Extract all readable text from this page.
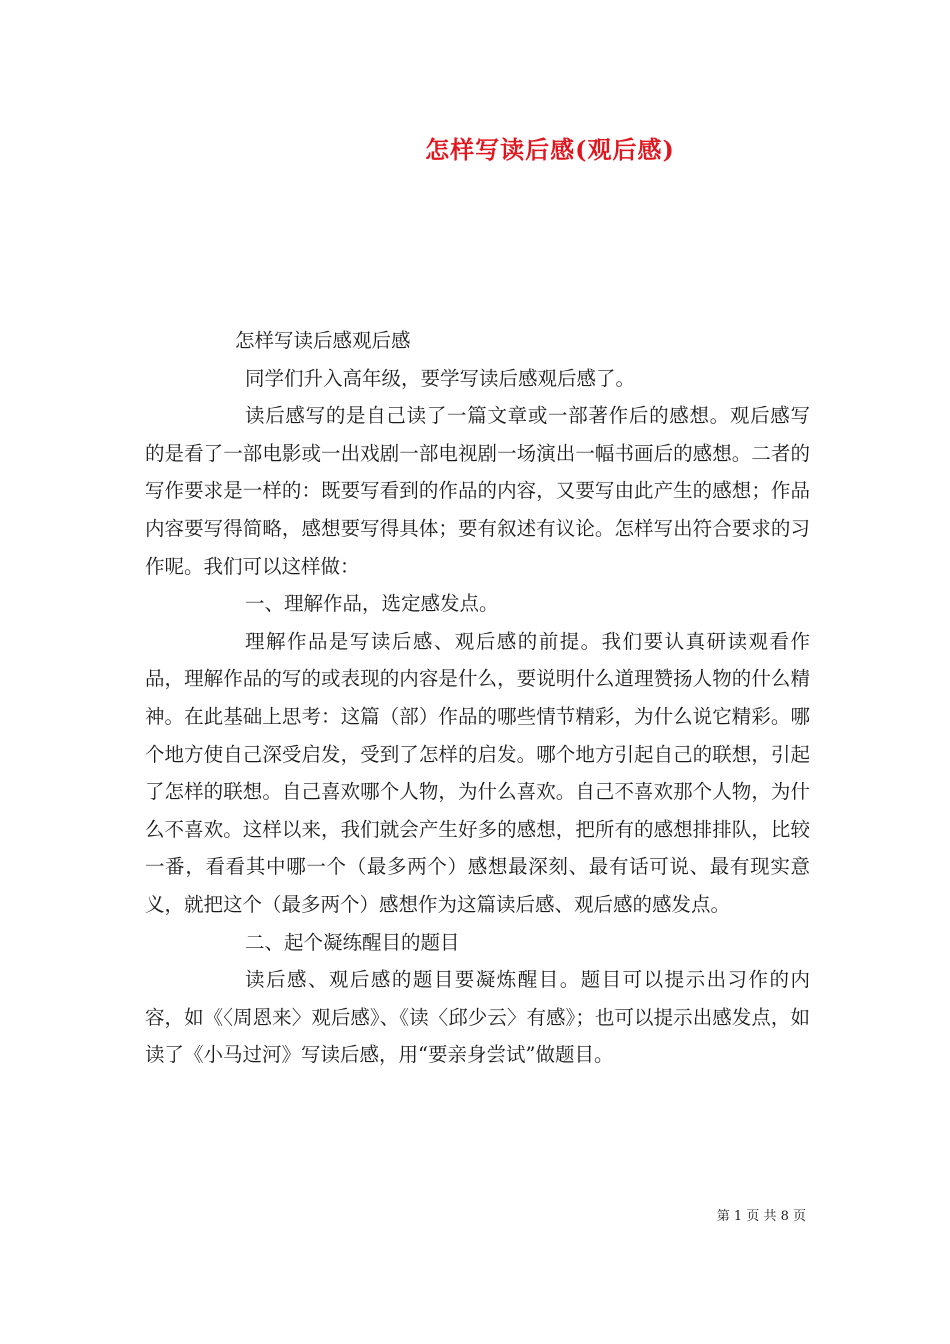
怎样写读后感(观后感)

怎样写读后感观后感

同学们升入高年级，要学写读后感观后感了。

读后感写的是自己读了一篇文章或一部著作后的感想。观后感写的是看了一部电影或一出戏剧一部电视剧一场演出一幅书画后的感想。二者的写作要求是一样的：既要写看到的作品的内容，又要写由此产生的感想；作品内容要写得简略，感想要写得具体；要有叙述有议论。怎样写出符合要求的习作呢。我们可以这样做：

一、理解作品，选定感发点。

理解作品是写读后感、观后感的前提。我们要认真研读观看作品，理解作品的写的或表现的内容是什么，要说明什么道理赞扬人物的什么精神。在此基础上思考：这篇（部）作品的哪些情节精彩，为什么说它精彩。哪个地方使自己深受启发，受到了怎样的启发。哪个地方引起自己的联想，引起了怎样的联想。自己喜欢哪个人物，为什么喜欢。自己不喜欢那个人物，为什么不喜欢。这样以来，我们就会产生好多的感想，把所有的感想排排队，比较一番，看看其中哪一个（最多两个）感想最深刻、最有话可说、最有现实意义，就把这个（最多两个）感想作为这篇读后感、观后感的感发点。

二、起个凝练醒目的题目

读后感、观后感的题目要凝炼醒目。题目可以提示出习作的内容，如《〈周恩来〉观后感》、《读〈邱少云〉有感》；也可以提示出感发点，如读了《小马过河》写读后感，用“要亲身尝试”做题目。

第 1 页 共 8 页
